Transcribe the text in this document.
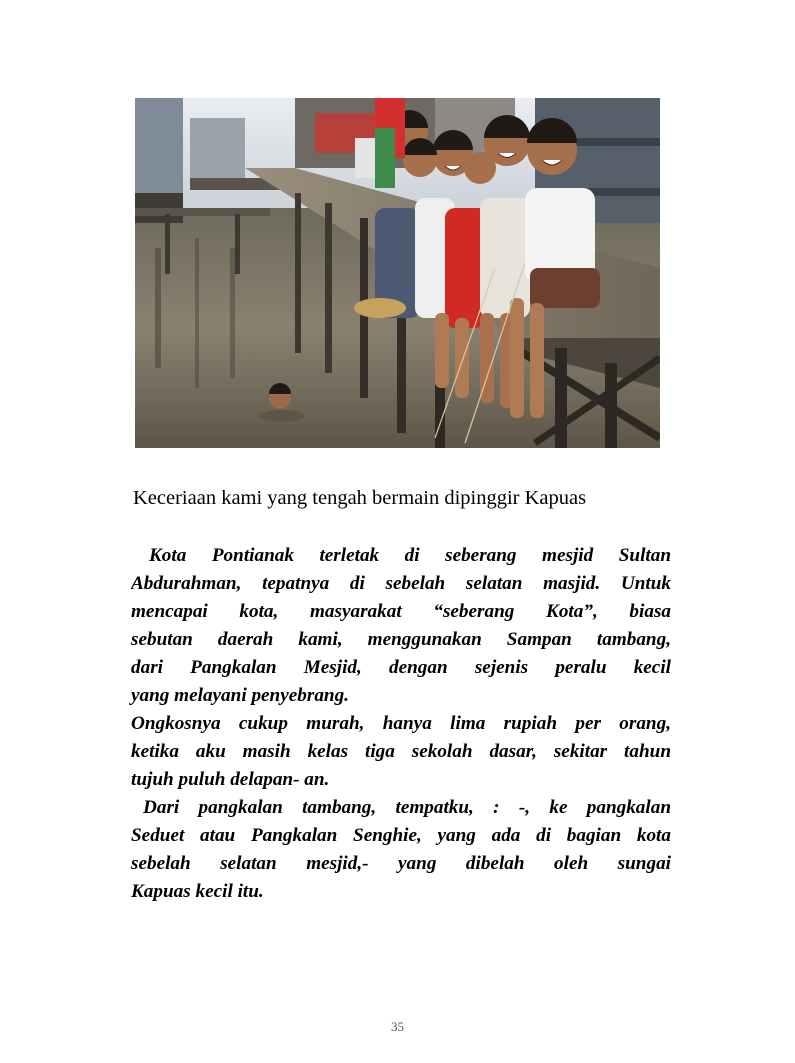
Keceriaan kami yang tengah bermain dipinggir Kapuas
Kota Pontianak terletak di seberang mesjid Sultan
Abdurahman, tepatnya di sebelah selatan masjid. Untuk
mencapai kota, masyarakat “seberang Kota”, biasa
sebutan daerah kami, menggunakan Sampan tambang,
dari Pangkalan Mesjid, dengan sejenis peralu kecil
yang melayani penyebrang.
Ongkosnya cukup murah, hanya lima rupiah per orang,
ketika aku masih kelas tiga sekolah dasar, sekitar tahun
tujuh puluh delapan- an.
Dari pangkalan tambang, tempatku, : -, ke pangkalan
Seduet atau Pangkalan Senghie, yang ada di bagian kota
sebelah selatan mesjid,- yang dibelah oleh sungai
Kapuas kecil itu.
35
